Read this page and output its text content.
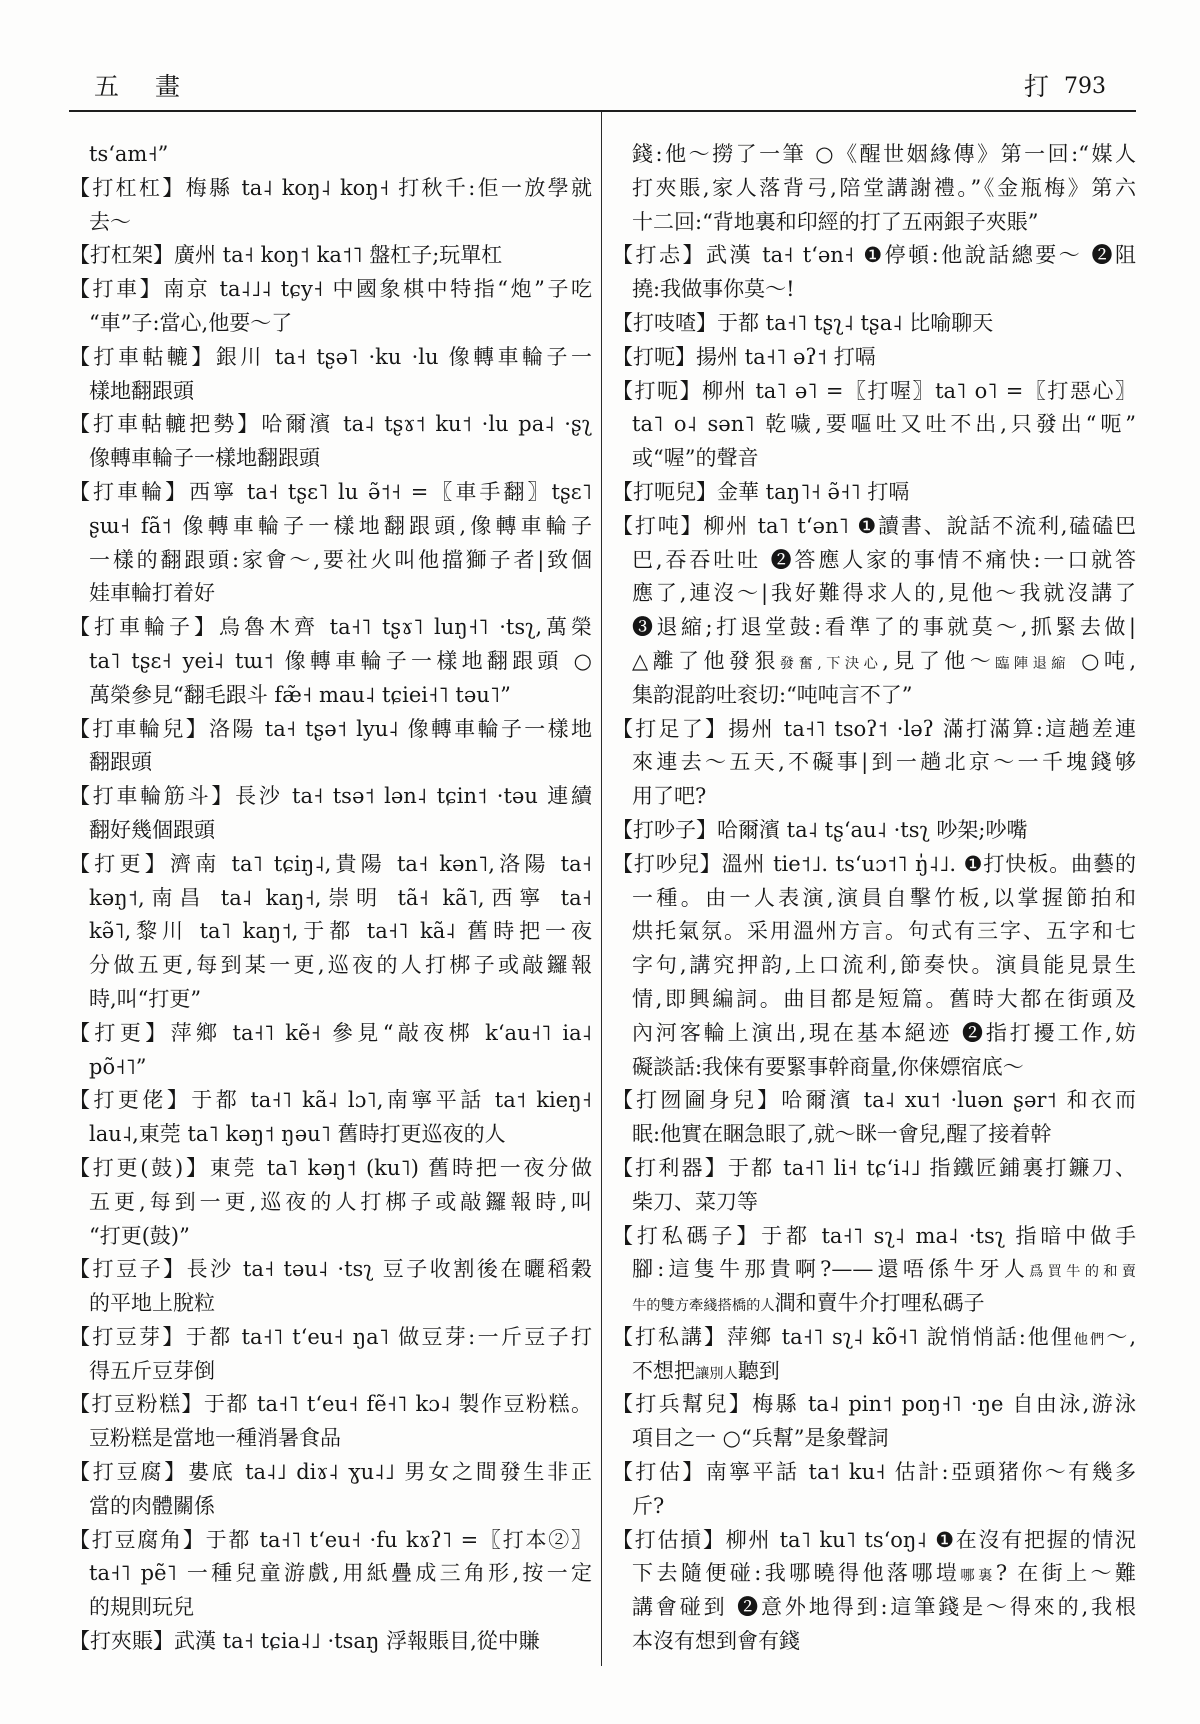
五 畫	打 793
tsʻam˧”
【打杠杠】梅縣 ta˨ koŋ˨ koŋ˧ 打秋千:佢一放學就
去～
【打杠架】廣州 ta˧ koŋ˦ ka˦˥ 盤杠子;玩單杠
【打車】南京 ta˨˩˨ tɕy˧ 中國象棋中特指“炮”子吃
“車”子:當心,他要～了
【打車軲轆】銀川 ta˧ tʂə˥ ·ku ·lu 像轉車輪子一
樣地翻跟頭
【打車軲轆把勢】哈爾濱 ta˨ tʂɤ˦ ku˦ ·lu pa˨ ·ʂʅ
像轉車輪子一樣地翻跟頭
【打車輪】西寧 ta˧ tʂɛ˥ lu ə̃˦˧ =〖車手翻〗tʂɛ˥
ʂɯ˧ fã˦ 像轉車輪子一樣地翻跟頭,像轉車輪子
一樣的翻跟頭:家會～,要社火叫他擋獅子者|致個
娃車輪打着好
【打車輪子】烏魯木齊 ta˧˥ tʂɤ˥ luŋ˧˥ ·tsʅ,萬榮
ta˥ tʂɛ˧ yei˨ tɯ˦ 像轉車輪子一樣地翻跟頭 ○
萬榮參見“翻毛跟斗 fæ̃˧ mau˨ tɕiei˧˥ təu˥”
【打車輪兒】洛陽 ta˧ tʂə˦ lyu˨ 像轉車輪子一樣地
翻跟頭
【打車輪筋斗】長沙 ta˧ tsə˦ lən˨ tɕin˦ ·təu 連續
翻好幾個跟頭
【打更】濟南 ta˥ tɕiŋ˨,貴陽 ta˧ kən˥,洛陽 ta˧
kəŋ˦,南昌 ta˨ kaŋ˧,崇明 tã˧ kã˥,西寧 ta˧
kə̃˥,黎川 ta˥ kaŋ˦,于都 ta˧˥ kã˨ 舊時把一夜
分做五更,每到某一更,巡夜的人打梆子或敲鑼報
時,叫“打更”
【打更】萍鄉 ta˧˥ kẽ˧ 參見“敲夜梆 kʻau˧˥ ia˨
põ˧˥”
【打更佬】于都 ta˧˥ kã˨ lɔ˥,南寧平話 ta˦ kieŋ˧
lau˨,東莞 ta˥ kəŋ˦ ŋəu˥ 舊時打更巡夜的人
【打更(鼓)】東莞 ta˥ kəŋ˦ (ku˥) 舊時把一夜分做
五更,每到一更,巡夜的人打梆子或敲鑼報時,叫
“打更(鼓)”
【打豆子】長沙 ta˧ təu˨ ·tsʅ 豆子收割後在曬稻穀
的平地上脫粒
【打豆芽】于都 ta˧˥ tʻeu˧ ŋa˥ 做豆芽:一斤豆子打
得五斤豆芽倒
【打豆粉糕】于都 ta˧˥ tʻeu˧ fẽ˧˥ kɔ˨ 製作豆粉糕。
豆粉糕是當地一種消暑食品
【打豆腐】婁底 ta˨˩ diɤ˨ ɣu˨˩ 男女之間發生非正
當的肉體關係
【打豆腐角】于都 ta˧˥ tʻeu˧ ·fu kɤʔ˥ =〖打本②〗
ta˧˥ pẽ˥ 一種兒童游戲,用紙疊成三角形,按一定
的規則玩兒
【打夾賬】武漢 ta˧ tɕia˨˩ ·tsaŋ 浮報賬目,從中賺
錢:他～撈了一筆 ○《醒世姻緣傳》第一回:“媒人
打夾賬,家人落背弓,陪堂講謝禮。”《金瓶梅》第六
十二回:“背地裏和印經的打了五兩銀子夾賬”
【打忐】武漢 ta˧ tʻən˧ ❶停頓:他說話總要～ ❷阻
撓:我做事你莫～!
【打吱喳】于都 ta˧˥ tʂʅ˨ tʂa˨ 比喻聊天
【打呃】揚州 ta˧˥ əʔ˦ 打嗝
【打呃】柳州 ta˥ ə˥ =〖打喔〗ta˥ o˥ =〖打惡心〗
ta˥ o˨ sən˥ 乾噦,要嘔吐又吐不出,只發出“呃”
或“喔”的聲音
【打呃兒】金華 taŋ˥˧ ə̃˧˥ 打嗝
【打吨】柳州 ta˥ tʻən˥ ❶讀書、說話不流利,磕磕巴
巴,吞吞吐吐 ❷答應人家的事情不痛快:一口就答
應了,連沒～|我好難得求人的,見他～我就沒講了
❸退縮;打退堂鼓:看準了的事就莫～,抓緊去做|
△離了他發狠發奮,下決心,見了他～臨陣退縮 ○吨,
集韵混韵吐衮切:“吨吨言不了”
【打足了】揚州 ta˧˥ tsoʔ˦ ·ləʔ 滿打滿算:這趟差連
來連去～五天,不礙事|到一趟北京～一千塊錢够
用了吧?
【打吵子】哈爾濱 ta˨ tʂʻau˨ ·tsʅ 吵架;吵嘴
【打吵兒】溫州 tie˦˩. tsʻuɔ˦˥ ŋ̍˨˩. ❶打快板。曲藝的
一種。由一人表演,演員自擊竹板,以掌握節拍和
烘托氣氛。采用溫州方言。句式有三字、五字和七
字句,講究押韵,上口流利,節奏快。演員能見景生
情,即興編詞。曲目都是短篇。舊時大都在街頭及
內河客輪上演出,現在基本絕迹 ❷指打擾工作,妨
礙談話:我俫有要緊事幹商量,你俫嫖宿底～
【打囫圇身兒】哈爾濱 ta˨ xu˦ ·luən ʂər˦ 和衣而
眠:他實在睏急眼了,就～眯一會兒,醒了接着幹
【打利器】于都 ta˧˥ li˧ tɕʻi˨˩ 指鐵匠鋪裏打鐮刀、
柴刀、菜刀等
【打私碼子】于都 ta˧˥ sʅ˨ ma˨ ·tsʅ 指暗中做手
腳:這隻牛那貴啊?——還唔係牛牙人爲買牛的和賣
牛的雙方牽綫搭橋的人澗和賣牛介打哩私碼子
【打私講】萍鄉 ta˧˥ sʅ˨ kõ˧˥ 說悄悄話:他俚他們～,
不想把讓別人聽到
【打兵幫兒】梅縣 ta˨ pin˦ poŋ˧˥ ·ŋe 自由泳,游泳
項目之一 ○“兵幫”是象聲詞
【打估】南寧平話 ta˦ ku˧ 估計:亞頭猪你～有幾多
斤?
【打估摃】柳州 ta˥ ku˥ tsʻoŋ˨ ❶在沒有把握的情況
下去隨便碰:我哪曉得他落哪塏哪裏? 在街上～難
講會碰到 ❷意外地得到:這筆錢是～得來的,我根
本沒有想到會有錢
